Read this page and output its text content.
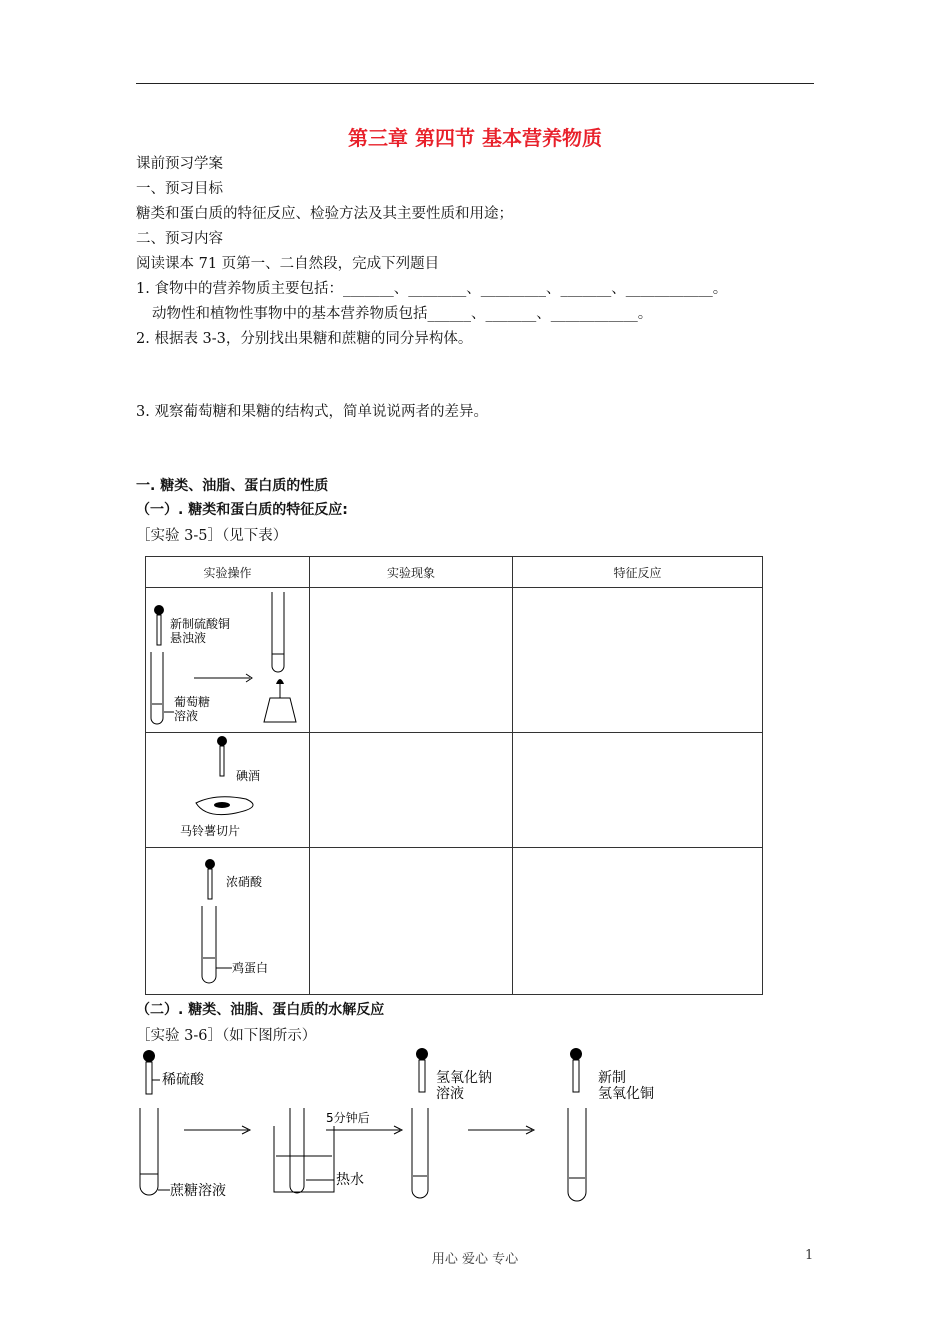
第三章 第四节 基本营养物质
课前预习学案
一、预习目标
糖类和蛋白质的特征反应、检验方法及其主要性质和用途；
二、预习内容
阅读课本 71 页第一、二自然段，完成下列题目
1. 食物中的营养物质主要包括：_______、________、_________、_______、____________。
动物性和植物性事物中的基本营养物质包括______、_______、____________。
2. 根据表 3-3，分别找出果糖和蔗糖的同分异构体。
3. 观察葡萄糖和果糖的结构式，简单说说两者的差异。
一. 糖类、油脂、蛋白质的性质
（一）. 糖类和蛋白质的特征反应:
［实验 3-5］（见下表）
实验操作	实验现象	特征反应

新制硫酸铜
悬浊液
葡萄糖
溶液		

碘酒
马铃薯切片		

浓硝酸
鸡蛋白		

（二）. 糖类、油脂、蛋白质的水解反应
［实验 3-6］（如下图所示）
稀硫酸
蔗糖溶液
热水
5分钟后
氢氧化钠
溶液
新制
氢氧化铜
用心 爱心 专心	1
